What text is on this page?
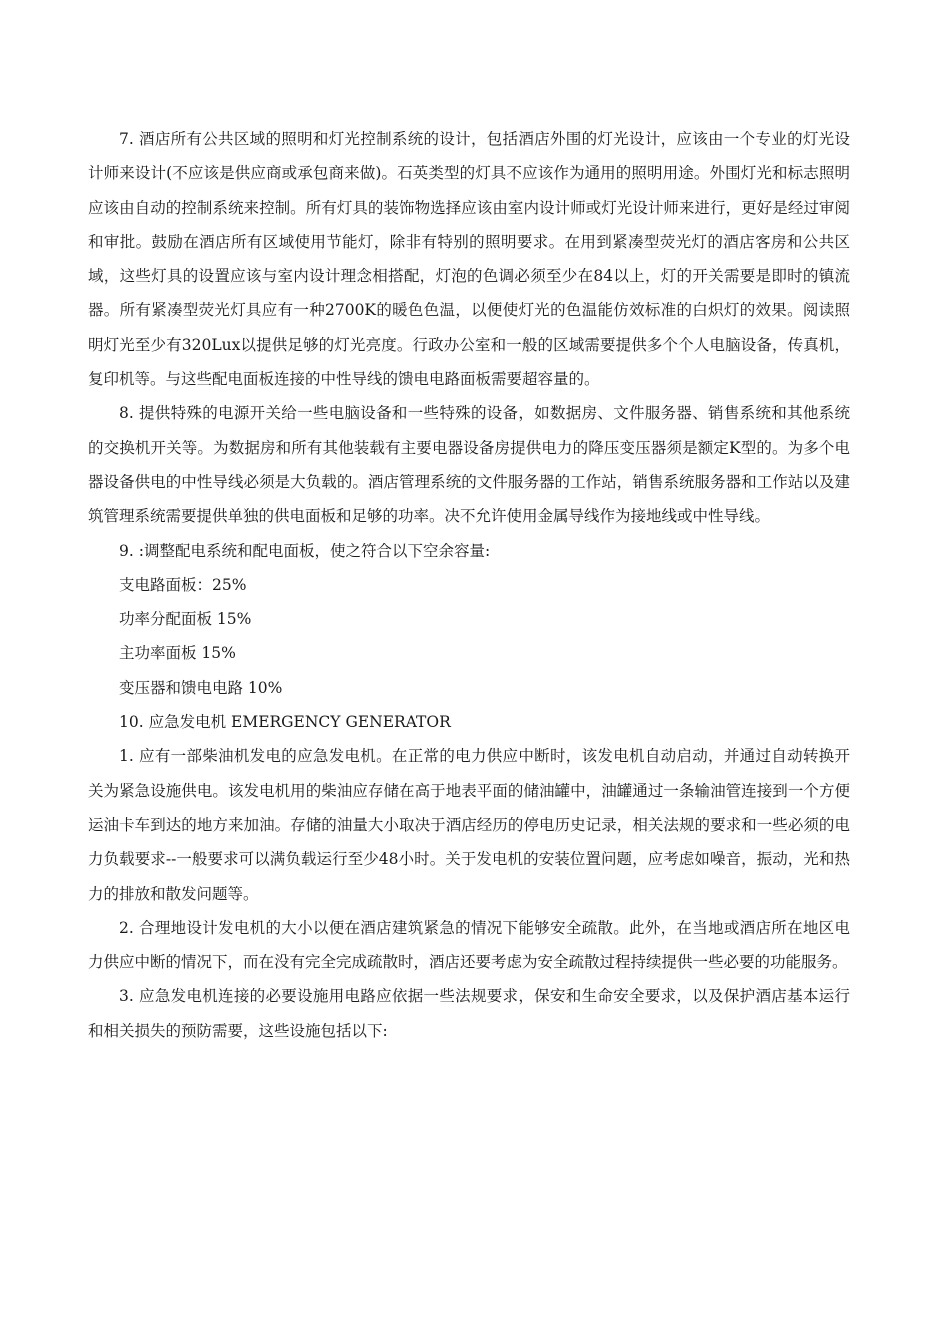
7. 酒店所有公共区域的照明和灯光控制系统的设计，包括酒店外围的灯光设计，应该由一个专业的灯光设计师来设计(不应该是供应商或承包商来做)。石英类型的灯具不应该作为通用的照明用途。外围灯光和标志照明应该由自动的控制系统来控制。所有灯具的装饰物选择应该由室内设计师或灯光设计师来进行，更好是经过审阅和审批。鼓励在酒店所有区域使用节能灯，除非有特别的照明要求。在用到紧凑型荧光灯的酒店客房和公共区域，这些灯具的设置应该与室内设计理念相搭配，灯泡的色调必须至少在84以上，灯的开关需要是即时的镇流器。所有紧凑型荧光灯具应有一种2700K的暖色色温，以便使灯光的色温能仿效标准的白炽灯的效果。阅读照明灯光至少有320Lux以提供足够的灯光亮度。行政办公室和一般的区域需要提供多个个人电脑设备，传真机，复印机等。与这些配电面板连接的中性导线的馈电电路面板需要超容量的。

8. 提供特殊的电源开关给一些电脑设备和一些特殊的设备，如数据房、文件服务器、销售系统和其他系统的交换机开关等。为数据房和所有其他装载有主要电器设备房提供电力的降压变压器须是额定K型的。为多个电器设备供电的中性导线必须是大负载的。酒店管理系统的文件服务器的工作站，销售系统服务器和工作站以及建筑管理系统需要提供单独的供电面板和足够的功率。决不允许使用金属导线作为接地线或中性导线。

9. :调整配电系统和配电面板，使之符合以下空余容量:

支电路面板：25%

功率分配面板 15%

主功率面板 15%

变压器和馈电电路 10%

10. 应急发电机 EMERGENCY GENERATOR

1. 应有一部柴油机发电的应急发电机。在正常的电力供应中断时，该发电机自动启动，并通过自动转换开关为紧急设施供电。该发电机用的柴油应存储在高于地表平面的储油罐中，油罐通过一条输油管连接到一个方便运油卡车到达的地方来加油。存储的油量大小取决于酒店经历的停电历史记录，相关法规的要求和一些必须的电力负载要求--一般要求可以满负载运行至少48小时。关于发电机的安装位置问题，应考虑如噪音，振动，光和热力的排放和散发问题等。

2. 合理地设计发电机的大小以便在酒店建筑紧急的情况下能够安全疏散。此外，在当地或酒店所在地区电力供应中断的情况下，而在没有完全完成疏散时，酒店还要考虑为安全疏散过程持续提供一些必要的功能服务。

3. 应急发电机连接的必要设施用电路应依据一些法规要求，保安和生命安全要求，以及保护酒店基本运行和相关损失的预防需要，这些设施包括以下:
